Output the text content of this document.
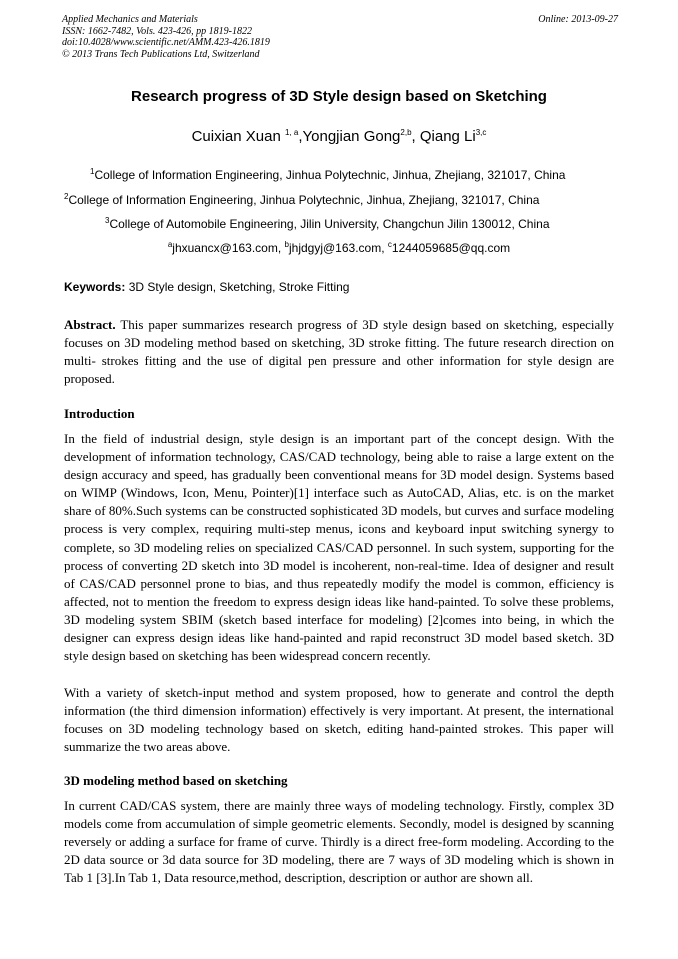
Applied Mechanics and Materials
ISSN: 1662-7482, Vols. 423-426, pp 1819-1822
doi:10.4028/www.scientific.net/AMM.423-426.1819
© 2013 Trans Tech Publications Ltd, Switzerland
Online: 2013-09-27
Research progress of 3D Style design based on Sketching
Cuixian Xuan $^{1, a}$,Yongjian Gong$^{2,b}$, Qiang Li$^{3,c}$
$^1$College of Information Engineering, Jinhua Polytechnic, Jinhua, Zhejiang, 321017, China
$^2$College of Information Engineering, Jinhua Polytechnic, Jinhua, Zhejiang, 321017, China
$^3$College of Automobile Engineering, Jilin University, Changchun Jilin 130012, China
$^a$jhxuancx@163.com, $^b$jhjdgyj@163.com, $^c$1244059685@qq.com
Keywords: 3D Style design, Sketching, Stroke Fitting
Abstract. This paper summarizes research progress of 3D style design based on sketching, especially focuses on 3D modeling method based on sketching, 3D stroke fitting. The future research direction on multi- strokes fitting and the use of digital pen pressure and other information for style design are proposed.
Introduction

In the field of industrial design, style design is an important part of the concept design. With the development of information technology, CAS/CAD technology, being able to raise a large extent on the design accuracy and speed, has gradually been conventional means for 3D model design. Systems based on WIMP (Windows, Icon, Menu, Pointer)[1] interface such as AutoCAD, Alias, etc. is on the market share of 80%.Such systems can be constructed sophisticated 3D models, but curves and surface modeling process is very complex, requiring multi-step menus, icons and keyboard input switching synergy to complete, so 3D modeling relies on specialized CAS/CAD personnel. In such system, supporting for the process of converting 2D sketch into 3D model is incoherent, non-real-time. Idea of designer and result of CAS/CAD personnel prone to bias, and thus repeatedly modify the model is common, efficiency is affected, not to mention the freedom to express design ideas like hand-painted. To solve these problems, 3D modeling system SBIM (sketch based interface for modeling) [2]comes into being, in which the designer can express design ideas like hand-painted and rapid reconstruct 3D model based sketch. 3D style design based on sketching has been widespread concern recently.

With a variety of sketch-input method and system proposed, how to generate and control the depth information (the third dimension information) effectively is very important. At present, the international focuses on 3D modeling technology based on sketch, editing hand-painted strokes. This paper will summarize the two areas above.

3D modeling method based on sketching

In current CAD/CAS system, there are mainly three ways of modeling technology. Firstly, complex 3D models come from accumulation of simple geometric elements. Secondly, model is designed by scanning reversely or adding a surface for frame of curve. Thirdly is a direct free-form modeling. According to the 2D data source or 3d data source for 3D modeling, there are 7 ways of 3D modeling which is shown in Tab 1 [3].In Tab 1, Data resource,method, description, description or author are shown all.
